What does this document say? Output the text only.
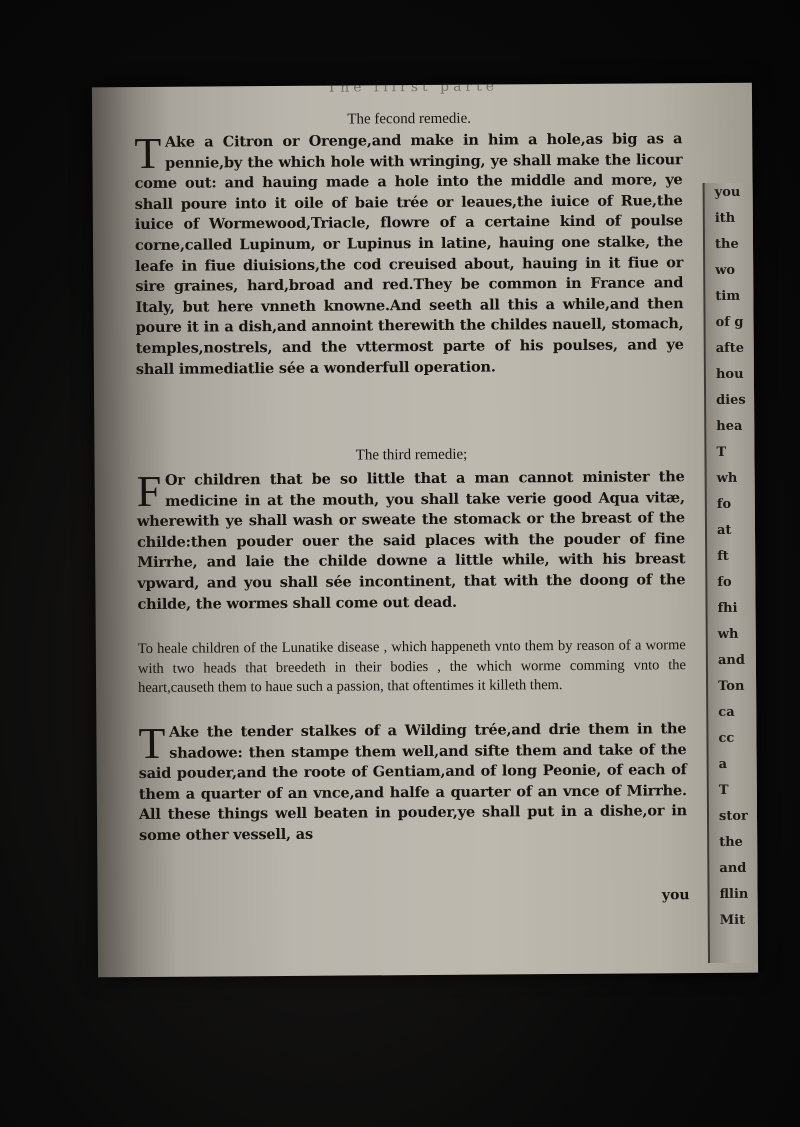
The fiirst parte
The fecond remedie.
T Ake a Citron or Orenge,and make in him a hole,as big as a pennie,by the which hole with wringing, ye shall make the licour come out: and hauing made a hole into the middle and more, ye shall poure into it oile of baie trée or leaues,the iuice of Rue,the iuice of Wormewood,Triacle, flowre of a certaine kind of poulse corne,called Lupinum, or Lupinus in latine, hauing one stalke, the leafe in fiue diuisions,the cod creuised about, hauing in it fiue or sire graines, hard,broad and red.They be common in France and Italy, but here vnneth knowne.And seeth all this a while,and then poure it in a dish,and annoint therewith the childes nauell, stomach, temples,nostrels, and the vttermost parte of his poulses, and ye shall immediatlie sée a wonderfull operation.
The third remedie;
F Or children that be so little that a man cannot minister the medicine in at the mouth, you shall take verie good Aqua vitæ, wherewith ye shall wash or sweate the stomack or the breast of the childe:then pouder ouer the said places with the pouder of fine Mirrhe, and laie the childe downe a little while, with his breast vpward, and you shall sée incontinent, that with the doong of the childe, the wormes shall come out dead.
To heale children of the Lunatike disease , which happeneth vnto them by reason of a worme with two heads that breedeth in their bodies , the which worme comming vnto the heart,causeth them to haue such a passion, that oftentimes it killeth them.
T Ake the tender stalkes of a Wilding trée,and drie them in the shadowe: then stampe them well,and sifte them and take of the said pouder,and the roote of Gentiam,and of long Peonie, of each of them a quarter of an vnce,and halfe a quarter of an vnce of Mirrhe. All these things well beaten in pouder,ye shall put in a dishe,or in some other vessell, as
you
you
ith
the
wo
tim
of g
afte
hou
dies
hea
T
wh
fo
at
ft
fo
fhi
wh
and
Ton
ca
cc
a
T
stor
the
and
fllin
Mit
